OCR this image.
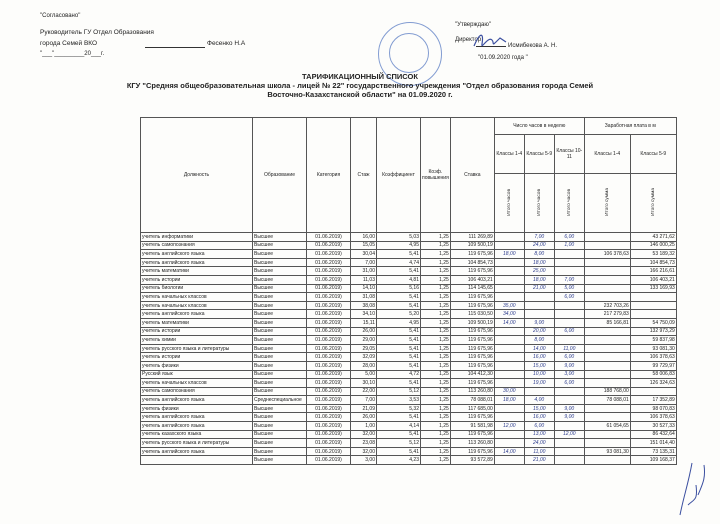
"Согласовано"
Руководитель ГУ Отдел Образования
города Семей ВКО	Фесенко Н.А
"___"_________20___г.
"Утверждаю"
Директор
Исмибекова А. Н.
"01.09.2020 года "
ТАРИФИКАЦИОННЫЙ СПИСОК
КГУ "Средняя общеобразовательная школа - лицей № 22" государственного учреждения "Отдел образования города Семей
Восточно-Казахстанской области" на 01.09.2020 г.
Должность	Образование	Категория	Стаж	Коэффициент	Коэф. повышения	Ставка	Число часов в неделю			Заработная плата в м	
							Классы 1-4	Классы 5-9	Классы 10-11	Классы 1-4	Классы 5-9
							Итого часов	Итого часов	Итого часов	Итого сумма	Итого сумма
учитель информатики	Высшее	01.06.2019)	16,00	5,03	1,25	111 269,89		7,00	6,00		43 271,62
учитель самопознания	Высшее	01.06.2019)	15,05	4,95	1,25	109 500,19		24,00	1,00		146 000,25
учитель английского языка	Высшее	01.06.2019)	30,04	5,41	1,25	119 675,96	18,00	8,00		106 378,63	53 189,32
учитель английского языка	Высшее	01.06.2019)	7,00	4,74	1,25	104 854,73		18,00			104 854,73
учитель математики	Высшее	01.06.2019)	31,00	5,41	1,25	119 675,96		25,00			166 216,61
учитель истории	Высшее	01.06.2019)	11,03	4,81	1,25	106 403,21		18,00	7,00		106 403,21
учитель биологии	Высшее	01.06.2019)	14,10	5,16	1,25	114 145,65		21,00	5,00		133 169,93
учитель начальных классов	Высшее	01.06.2019)	31,08	5,41	1,25	119 675,96			6,00		
учитель начальных классов	Высшее	01.06.2019)	38,08	5,41	1,25	119 675,96	35,00			232 703,26	
учитель английского языка	Высшее	01.06.2019)	34,10	5,20	1,25	115 030,50	34,00			217 279,83	
учитель математики	Высшее	01.06.2019)	15,11	4,95	1,25	109 500,19	14,00	9,00		85 166,81	54 750,09
учитель истории	Высшее	01.06.2019)	26,00	5,41	1,25	119 675,96		20,00	6,00		132 973,29
учитель химии	Высшее	01.06.2019)	29,00	5,41	1,25	119 675,96		8,00			59 837,98
учитель русского языка и литературы	Высшее	01.06.2019)	29,05	5,41	1,25	119 675,96		14,00	11,00		93 081,30
учитель истории	Высшее	01.06.2019)	32,09	5,41	1,25	119 675,96		16,00	6,00		106 378,63
учитель физики	Высшее	01.06.2019)	28,00	5,41	1,25	119 675,96		15,00	9,00		99 729,97
Русский язык	Высшее	01.06.2019)	5,00	4,72	1,25	104 412,30		10,00	3,00		58 006,83
учитель начальных классов	Высшее	01.06.2019)	30,10	5,41	1,25	119 675,96		19,00	6,00		126 324,63
учитель самопознания	Высшее	01.06.2019)	22,00	5,12	1,25	113 260,80	30,00			188 768,00	
учитель английского языка	Среднеспециальное	01.06.2019)	7,00	3,53	1,25	78 088,01	18,00	4,00		78 088,01	17 352,89
учитель физики	Высшее	01.06.2019)	21,09	5,32	1,25	117 685,00		15,00	9,00		98 070,83
учитель английского языка	Высшее	01.06.2019)	26,00	5,41	1,25	119 675,96		16,00	9,00		106 378,63
учитель английского языка	Высшее	01.06.2019)	1,00	4,14	1,25	91 581,98	12,00	6,00		61 054,65	30 527,33
учитель казахского языка	Высшее	01.06.2019)	32,00	5,41	1,25	119 675,96		13,00	12,00		86 432,64
учитель русского языка и литературы	Высшее	01.06.2019)	23,08	5,12	1,25	113 260,80		24,00			151 014,40
учитель английского языка	Высшее	01.06.2019)	32,00	5,41	1,25	119 675,96	14,00	11,00		93 081,30	73 135,31
	Высшее	01.06.2019)	3,00	4,23	1,25	93 572,89		21,00			109 168,37
